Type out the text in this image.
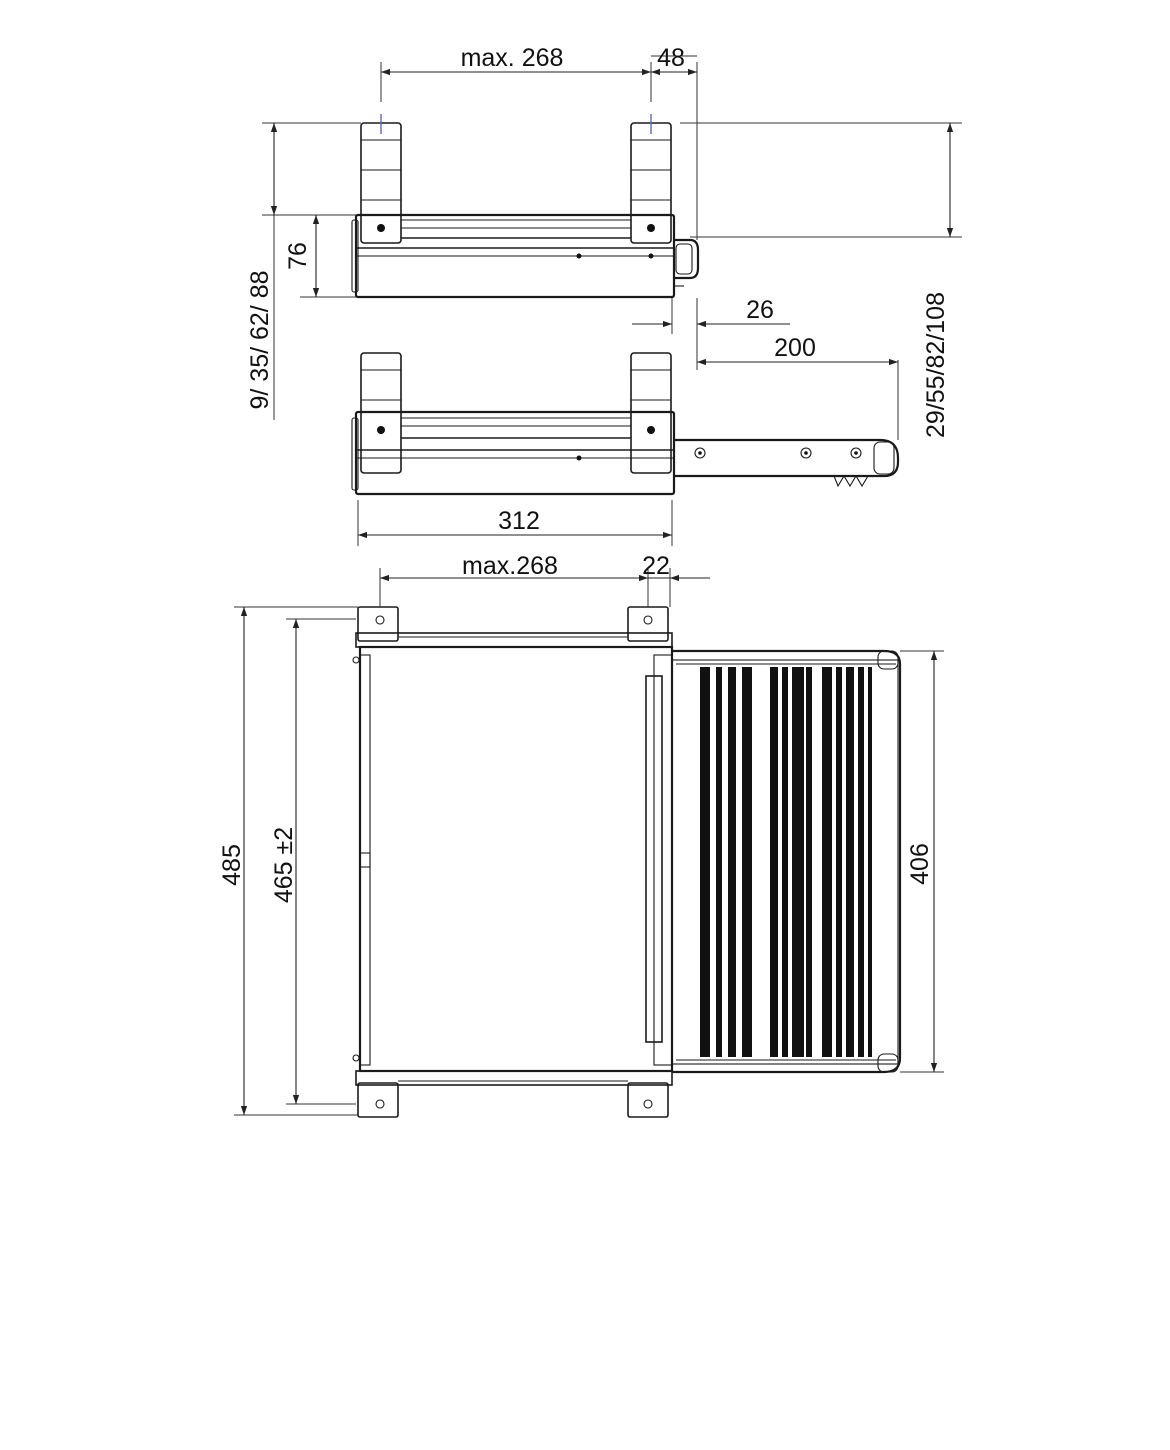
max. 268	48
76
9/ 35/ 62/ 88	26
200	29/55/82/108
312
max.268	22
485 465 ±2	406
